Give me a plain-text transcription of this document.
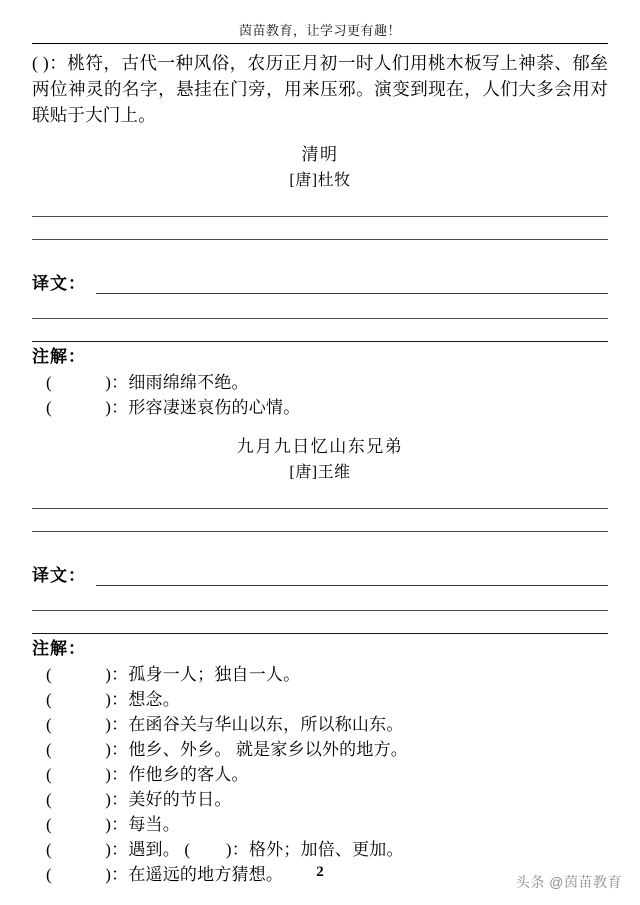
茵苗教育，让学习更有趣！

( )：桃符，古代一种风俗，农历正月初一时人们用桃木板写上神荼、郁垒两位神灵的名字，悬挂在门旁，用来压邪。演变到现在，人们大多会用对联贴于大门上。

清明
[唐]杜牧
译文：
注解：
(            )：细雨绵绵不绝。
(            )：形容凄迷哀伤的心情。
九月九日忆山东兄弟
[唐]王维
译文：
注解：
(            )：孤身一人；独自一人。
(            )：想念。
(            )：在函谷关与华山以东，所以称山东。
(            )：他乡、外乡。 就是家乡以外的地方。
(            )：作他乡的客人。
(            )：美好的节日。
(            )：每当。
(            )：遇到。 (        )：格外；加倍、更加。
(            )：在遥远的地方猜想。	2
头条 @茵苗教育
